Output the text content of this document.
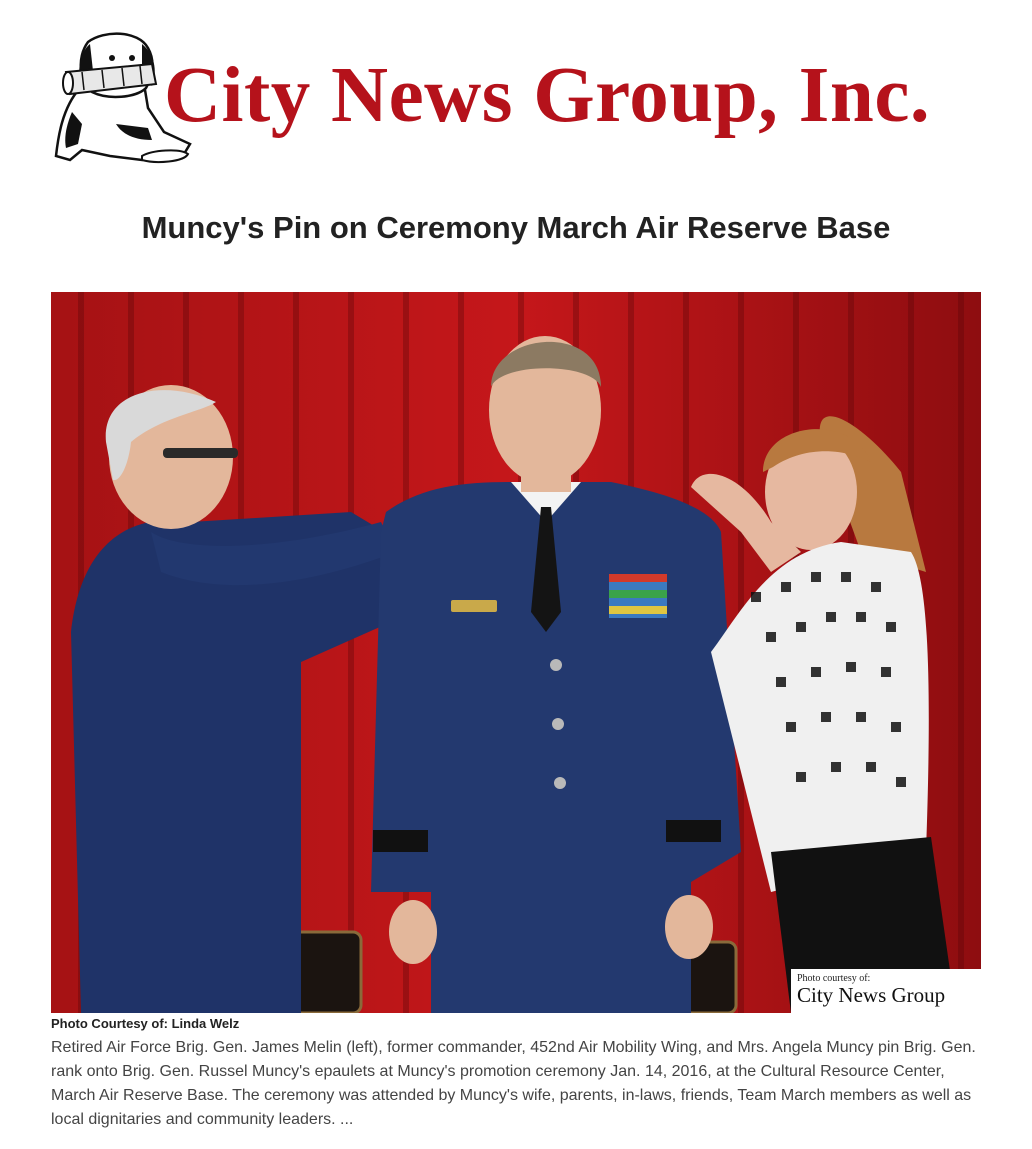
City News Group, Inc.
Muncy's Pin on Ceremony March Air Reserve Base
Photo courtesy of:
City News Group
Photo Courtesy of: Linda Welz

Retired Air Force Brig. Gen. James Melin (left), former commander, 452nd Air Mobility Wing, and Mrs. Angela Muncy pin Brig. Gen. rank onto Brig. Gen. Russel Muncy's epaulets at Muncy's promotion ceremony Jan. 14, 2016, at the Cultural Resource Center, March Air Reserve Base. The ceremony was attended by Muncy's wife, parents, in-laws, friends, Team March members as well as local dignitaries and community leaders. ...
